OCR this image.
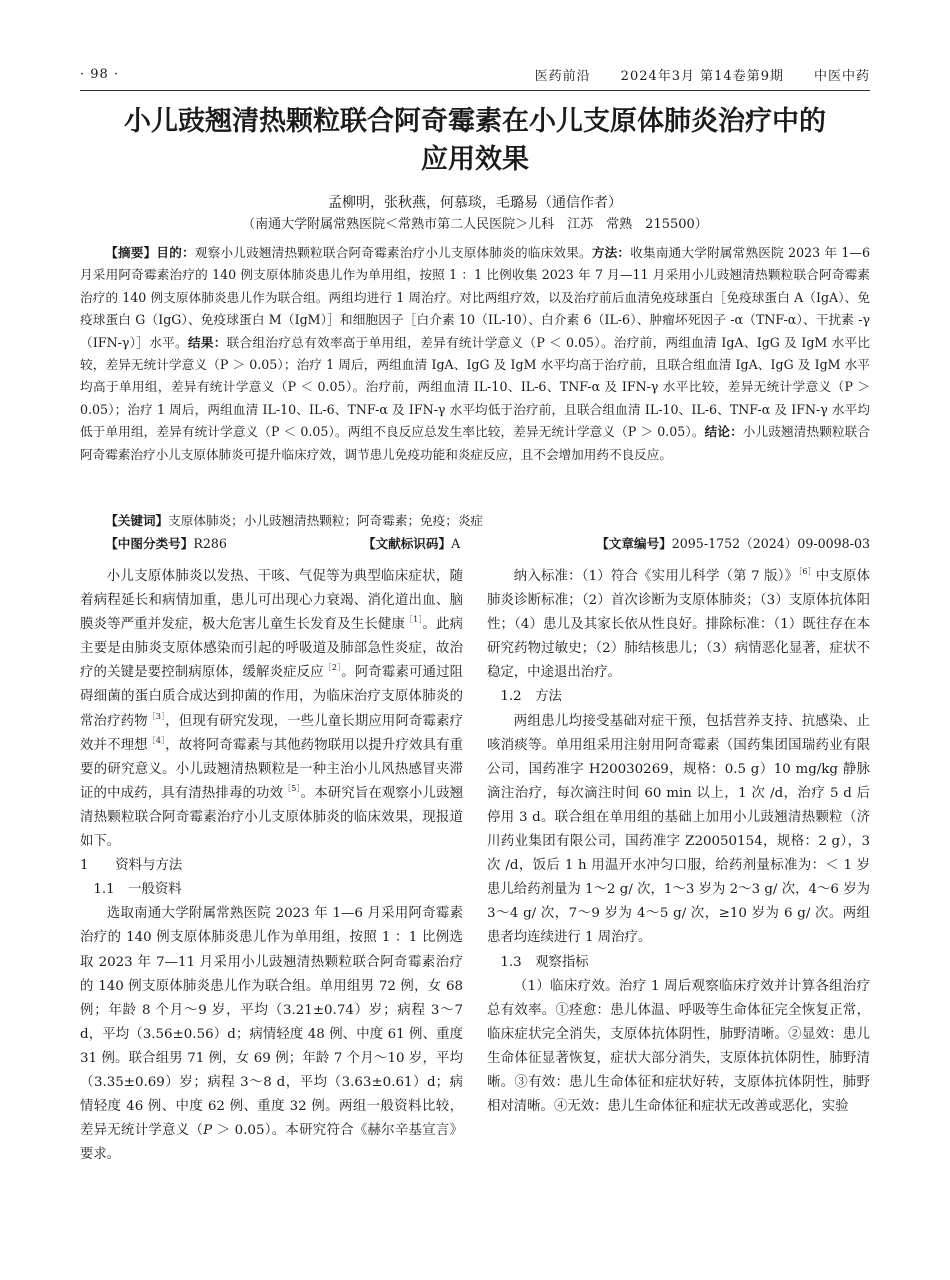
· 98 ·	医药前沿 2024年3月 第14卷第9期 中医中药
小儿豉翘清热颗粒联合阿奇霉素在小儿支原体肺炎治疗中的
应用效果
孟柳明，张秋燕，何慕琰，毛璐易（通信作者）
（南通大学附属常熟医院＜常熟市第二人民医院＞儿科　江苏　常熟　215500）

【摘要】目的：观察小儿豉翘清热颗粒联合阿奇霉素治疗小儿支原体肺炎的临床效果。方法：收集南通大学附属常熟医院 2023 年 1—6 月采用阿奇霉素治疗的 140 例支原体肺炎患儿作为单用组，按照 1 ：1 比例收集 2023 年 7 月—11 月采用小儿豉翘清热颗粒联合阿奇霉素治疗的 140 例支原体肺炎患儿作为联合组。两组均进行 1 周治疗。对比两组疗效，以及治疗前后血清免疫球蛋白［免疫球蛋白 A（IgA）、免疫球蛋白 G（IgG）、免疫球蛋白 M（IgM）］和细胞因子［白介素 10（IL-10）、白介素 6（IL-6）、肿瘤坏死因子 -α（TNF-α）、干扰素 -γ（IFN-γ）］水平。结果：联合组治疗总有效率高于单用组，差异有统计学意义（P ＜ 0.05）。治疗前，两组血清 IgA、IgG 及 IgM 水平比较，差异无统计学意义（P ＞ 0.05）；治疗 1 周后，两组血清 IgA、IgG 及 IgM 水平均高于治疗前，且联合组血清 IgA、IgG 及 IgM 水平均高于单用组，差异有统计学意义（P ＜ 0.05）。治疗前，两组血清 IL-10、IL-6、TNF-α 及 IFN-γ 水平比较，差异无统计学意义（P ＞ 0.05）；治疗 1 周后，两组血清 IL-10、IL-6、TNF-α 及 IFN-γ 水平均低于治疗前，且联合组血清 IL-10、IL-6、TNF-α 及 IFN-γ 水平均低于单用组，差异有统计学意义（P ＜ 0.05）。两组不良反应总发生率比较，差异无统计学意义（P ＞ 0.05）。结论：小儿豉翘清热颗粒联合阿奇霉素治疗小儿支原体肺炎可提升临床疗效，调节患儿免疫功能和炎症反应，且不会增加用药不良反应。

【关键词】支原体肺炎；小儿豉翘清热颗粒；阿奇霉素；免疫；炎症
【中图分类号】R286	【文献标识码】A	【文章编号】2095-1752（2024）09-0098-03

小儿支原体肺炎以发热、干咳、气促等为典型临床症状，随着病程延长和病情加重，患儿可出现心力衰竭、消化道出血、脑膜炎等严重并发症，极大危害儿童生长发育及生长健康$^{[1]}$。此病主要是由肺炎支原体感染而引起的呼吸道及肺部急性炎症，故治疗的关键是要控制病原体，缓解炎症反应$^{[2]}$。阿奇霉素可通过阻碍细菌的蛋白质合成达到抑菌的作用，为临床治疗支原体肺炎的常治疗药物$^{[3]}$，但现有研究发现，一些儿童长期应用阿奇霉素疗效并不理想$^{[4]}$，故将阿奇霉素与其他药物联用以提升疗效具有重要的研究意义。小儿豉翘清热颗粒是一种主治小儿风热感冒夹滞证的中成药，具有清热排毒的功效$^{[5]}$。本研究旨在观察小儿豉翘清热颗粒联合阿奇霉素治疗小儿支原体肺炎的临床效果，现报道如下。

1　　资料与方法

1.1　一般资料

选取南通大学附属常熟医院 2023 年 1—6 月采用阿奇霉素治疗的 140 例支原体肺炎患儿作为单用组，按照 1 ：1 比例选取 2023 年 7—11 月采用小儿豉翘清热颗粒联合阿奇霉素治疗的 140 例支原体肺炎患儿作为联合组。单用组男 72 例，女 68 例；年龄 8 个月～9 岁，平均（3.21±0.74）岁；病程 3～7 d，平均（3.56±0.56）d；病情轻度 48 例、中度 61 例、重度 31 例。联合组男 71 例，女 69 例；年龄 7 个月～10 岁，平均（3.35±0.69）岁；病程 3～8 d，平均（3.63±0.61）d；病情轻度 46 例、中度 62 例、重度 32 例。两组一般资料比较，差异无统计学意义（P ＞ 0.05）。本研究符合《赫尔辛基宣言》要求。

纳入标准：（1）符合《实用儿科学（第 7 版）》$^{[6]}$中支原体肺炎诊断标准；（2）首次诊断为支原体肺炎；（3）支原体抗体阳性；（4）患儿及其家长依从性良好。排除标准：（1）既往存在本研究药物过敏史；（2）肺结核患儿；（3）病情恶化显著，症状不稳定，中途退出治疗。

1.2　方法

两组患儿均接受基础对症干预，包括营养支持、抗感染、止咳消痰等。单用组采用注射用阿奇霉素（国药集团国瑞药业有限公司，国药准字 H20030269，规格：0.5 g）10 mg/kg 静脉滴注治疗，每次滴注时间 60 min 以上，1 次 /d，治疗 5 d 后停用 3 d。联合组在单用组的基础上加用小儿豉翘清热颗粒（济川药业集团有限公司，国药准字 Z20050154，规格：2 g），3 次 /d，饭后 1 h 用温开水冲匀口服，给药剂量标准为：＜ 1 岁患儿给药剂量为 1～2 g/ 次，1～3 岁为 2～3 g/ 次，4～6 岁为 3～4 g/ 次，7～9 岁为 4～5 g/ 次，≥10 岁为 6 g/ 次。两组患者均连续进行 1 周治疗。

1.3　观察指标

（1）临床疗效。治疗 1 周后观察临床疗效并计算各组治疗总有效率。①痊愈：患儿体温、呼吸等生命体征完全恢复正常，临床症状完全消失，支原体抗体阴性，肺野清晰。②显效：患儿生命体征显著恢复，症状大部分消失，支原体抗体阴性，肺野清晰。③有效：患儿生命体征和症状好转，支原体抗体阴性，肺野相对清晰。④无效：患儿生命体征和症状无改善或恶化，实验
